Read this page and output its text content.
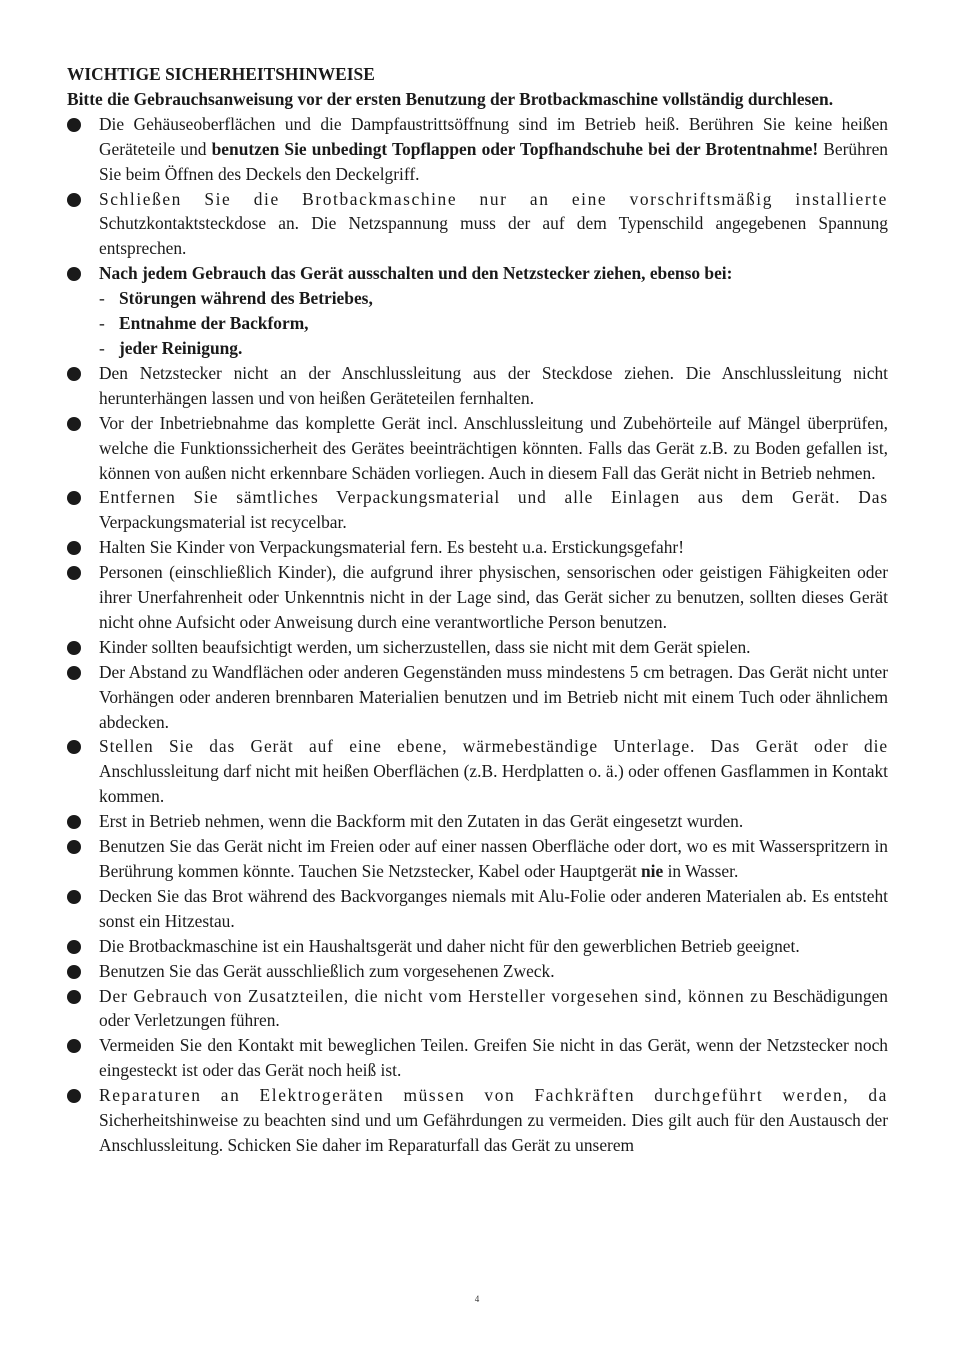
WICHTIGE SICHERHEITSHINWEISE
Bitte die Gebrauchsanweisung vor der ersten Benutzung der Brotbackmaschine vollständig durchlesen.
Die Gehäuseoberflächen und die Dampfaustrittsöffnung sind im Betrieb heiß. Berühren Sie keine heißen Geräteteile und benutzen Sie unbedingt Topflappen oder Topfhandschuhe bei der Brotentnahme! Berühren Sie beim Öffnen des Deckels den Deckelgriff.
Schließen Sie die Brotbackmaschine nur an eine vorschriftsmäßig installierte Schutzkontaktsteckdose an. Die Netzspannung muss der auf dem Typenschild angegebenen Spannung entsprechen.
Nach jedem Gebrauch das Gerät ausschalten und den Netzstecker ziehen, ebenso bei:
- Störungen während des Betriebes,
- Entnahme der Backform,
- jeder Reinigung.
Den Netzstecker nicht an der Anschlussleitung aus der Steckdose ziehen. Die Anschlussleitung nicht herunterhängen lassen und von heißen Geräteteilen fernhalten.
Vor der Inbetriebnahme das komplette Gerät incl. Anschlussleitung und Zubehörteile auf Mängel überprüfen, welche die Funktionssicherheit des Gerätes beeinträchtigen könnten. Falls das Gerät z.B. zu Boden gefallen ist, können von außen nicht erkennbare Schäden vorliegen. Auch in diesem Fall das Gerät nicht in Betrieb nehmen.
Entfernen Sie sämtliches Verpackungsmaterial und alle Einlagen aus dem Gerät. Das Verpackungsmaterial ist recycelbar.
Halten Sie Kinder von Verpackungsmaterial fern. Es besteht u.a. Erstickungsgefahr!
Personen (einschließlich Kinder), die aufgrund ihrer physischen, sensorischen oder geistigen Fähigkeiten oder ihrer Unerfahrenheit oder Unkenntnis nicht in der Lage sind, das Gerät sicher zu benutzen, sollten dieses Gerät nicht ohne Aufsicht oder Anweisung durch eine verantwortliche Person benutzen.
Kinder sollten beaufsichtigt werden, um sicherzustellen, dass sie nicht mit dem Gerät spielen.
Der Abstand zu Wandflächen oder anderen Gegenständen muss mindestens 5 cm betragen. Das Gerät nicht unter Vorhängen oder anderen brennbaren Materialien benutzen und im Betrieb nicht mit einem Tuch oder ähnlichem abdecken.
Stellen Sie das Gerät auf eine ebene, wärmebeständige Unterlage. Das Gerät oder die Anschlussleitung darf nicht mit heißen Oberflächen (z.B. Herdplatten o. ä.) oder offenen Gasflammen in Kontakt kommen.
Erst in Betrieb nehmen, wenn die Backform mit den Zutaten in das Gerät eingesetzt wurden.
Benutzen Sie das Gerät nicht im Freien oder auf einer nassen Oberfläche oder dort, wo es mit Wasserspritzern in Berührung kommen könnte. Tauchen Sie Netzstecker, Kabel oder Hauptgerät nie in Wasser.
Decken Sie das Brot während des Backvorganges niemals mit Alu-Folie oder anderen Materialen ab. Es entsteht sonst ein Hitzestau.
Die Brotbackmaschine ist ein Haushaltsgerät und daher nicht für den gewerblichen Betrieb geeignet.
Benutzen Sie das Gerät ausschließlich zum vorgesehenen Zweck.
Der Gebrauch von Zusatzteilen, die nicht vom Hersteller vorgesehen sind, können zu Beschädigungen oder Verletzungen führen.
Vermeiden Sie den Kontakt mit beweglichen Teilen. Greifen Sie nicht in das Gerät, wenn der Netzstecker noch eingesteckt ist oder das Gerät noch heiß ist.
Reparaturen an Elektrogeräten müssen von Fachkräften durchgeführt werden, da Sicherheitshinweise zu beachten sind und um Gefährdungen zu vermeiden. Dies gilt auch für den Austausch der Anschlussleitung. Schicken Sie daher im Reparaturfall das Gerät zu unserem
4
